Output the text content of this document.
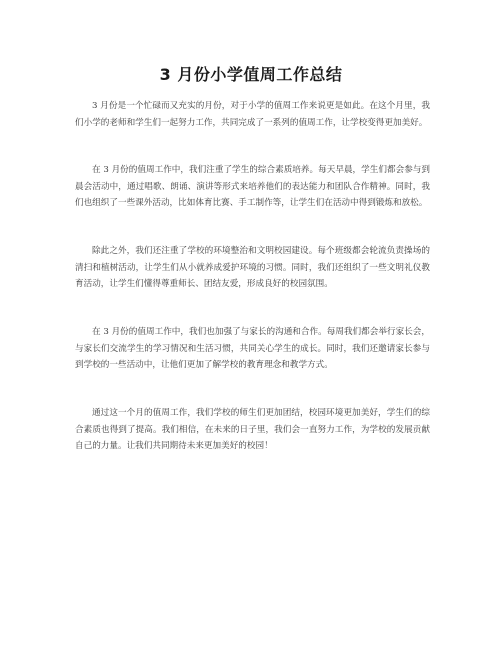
3 月份小学值周工作总结

3 月份是一个忙碌而又充实的月份，对于小学的值周工作来说更是如此。在这个月里，我们小学的老师和学生们一起努力工作，共同完成了一系列的值周工作，让学校变得更加美好。

在 3 月份的值周工作中，我们注重了学生的综合素质培养。每天早晨，学生们都会参与到晨会活动中，通过唱歌、朗诵、演讲等形式来培养他们的表达能力和团队合作精神。同时，我们也组织了一些课外活动，比如体育比赛、手工制作等，让学生们在活动中得到锻炼和放松。

除此之外，我们还注重了学校的环境整治和文明校园建设。每个班级都会轮流负责操场的清扫和植树活动，让学生们从小就养成爱护环境的习惯。同时，我们还组织了一些文明礼仪教育活动，让学生们懂得尊重师长、团结友爱，形成良好的校园氛围。

在 3 月份的值周工作中，我们也加强了与家长的沟通和合作。每周我们都会举行家长会，与家长们交流学生的学习情况和生活习惯，共同关心学生的成长。同时，我们还邀请家长参与到学校的一些活动中，让他们更加了解学校的教育理念和教学方式。

通过这一个月的值周工作，我们学校的师生们更加团结，校园环境更加美好，学生们的综合素质也得到了提高。我们相信，在未来的日子里，我们会一直努力工作，为学校的发展贡献自己的力量。让我们共同期待未来更加美好的校园！
